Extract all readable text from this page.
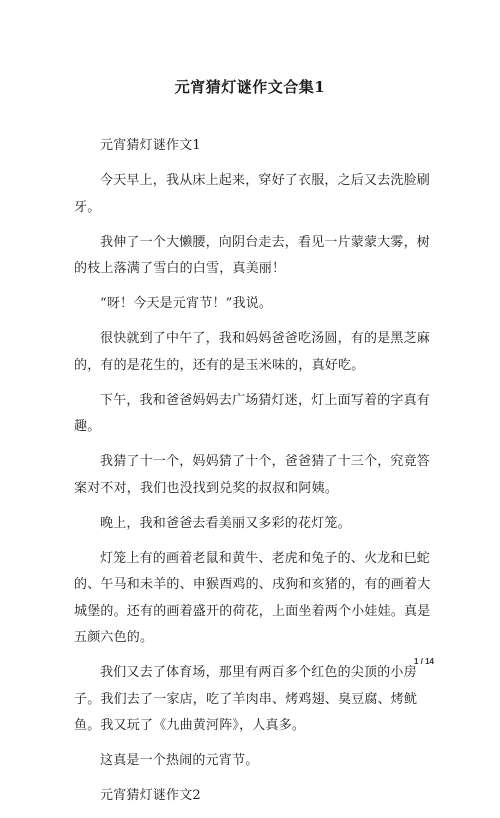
元宵猜灯谜作文合集1

元宵猜灯谜作文1

今天早上，我从床上起来，穿好了衣服，之后又去洗脸刷牙。

我伸了一个大懒腰，向阴台走去，看见一片蒙蒙大雾，树的枝上落满了雪白的白雪，真美丽！

“呀！今天是元宵节！”我说。

很快就到了中午了，我和妈妈爸爸吃汤圆，有的是黑芝麻的，有的是花生的，还有的是玉米味的，真好吃。

下午，我和爸爸妈妈去广场猜灯迷，灯上面写着的字真有趣。

我猜了十一个，妈妈猜了十个，爸爸猜了十三个，究竟答案对不对，我们也没找到兑奖的叔叔和阿姨。

晚上，我和爸爸去看美丽又多彩的花灯笼。

灯笼上有的画着老鼠和黄牛、老虎和兔子的、火龙和巳蛇的、午马和未羊的、申猴酉鸡的、戌狗和亥猪的，有的画着大城堡的。还有的画着盛开的荷花，上面坐着两个小娃娃。真是五颜六色的。

我们又去了体育场，那里有两百多个红色的尖顶的小房子。我们去了一家店，吃了羊肉串、烤鸡翅、臭豆腐、烤鱿鱼。我又玩了《九曲黄河阵》，人真多。

这真是一个热闹的元宵节。

元宵猜灯谜作文2

1 / 14
